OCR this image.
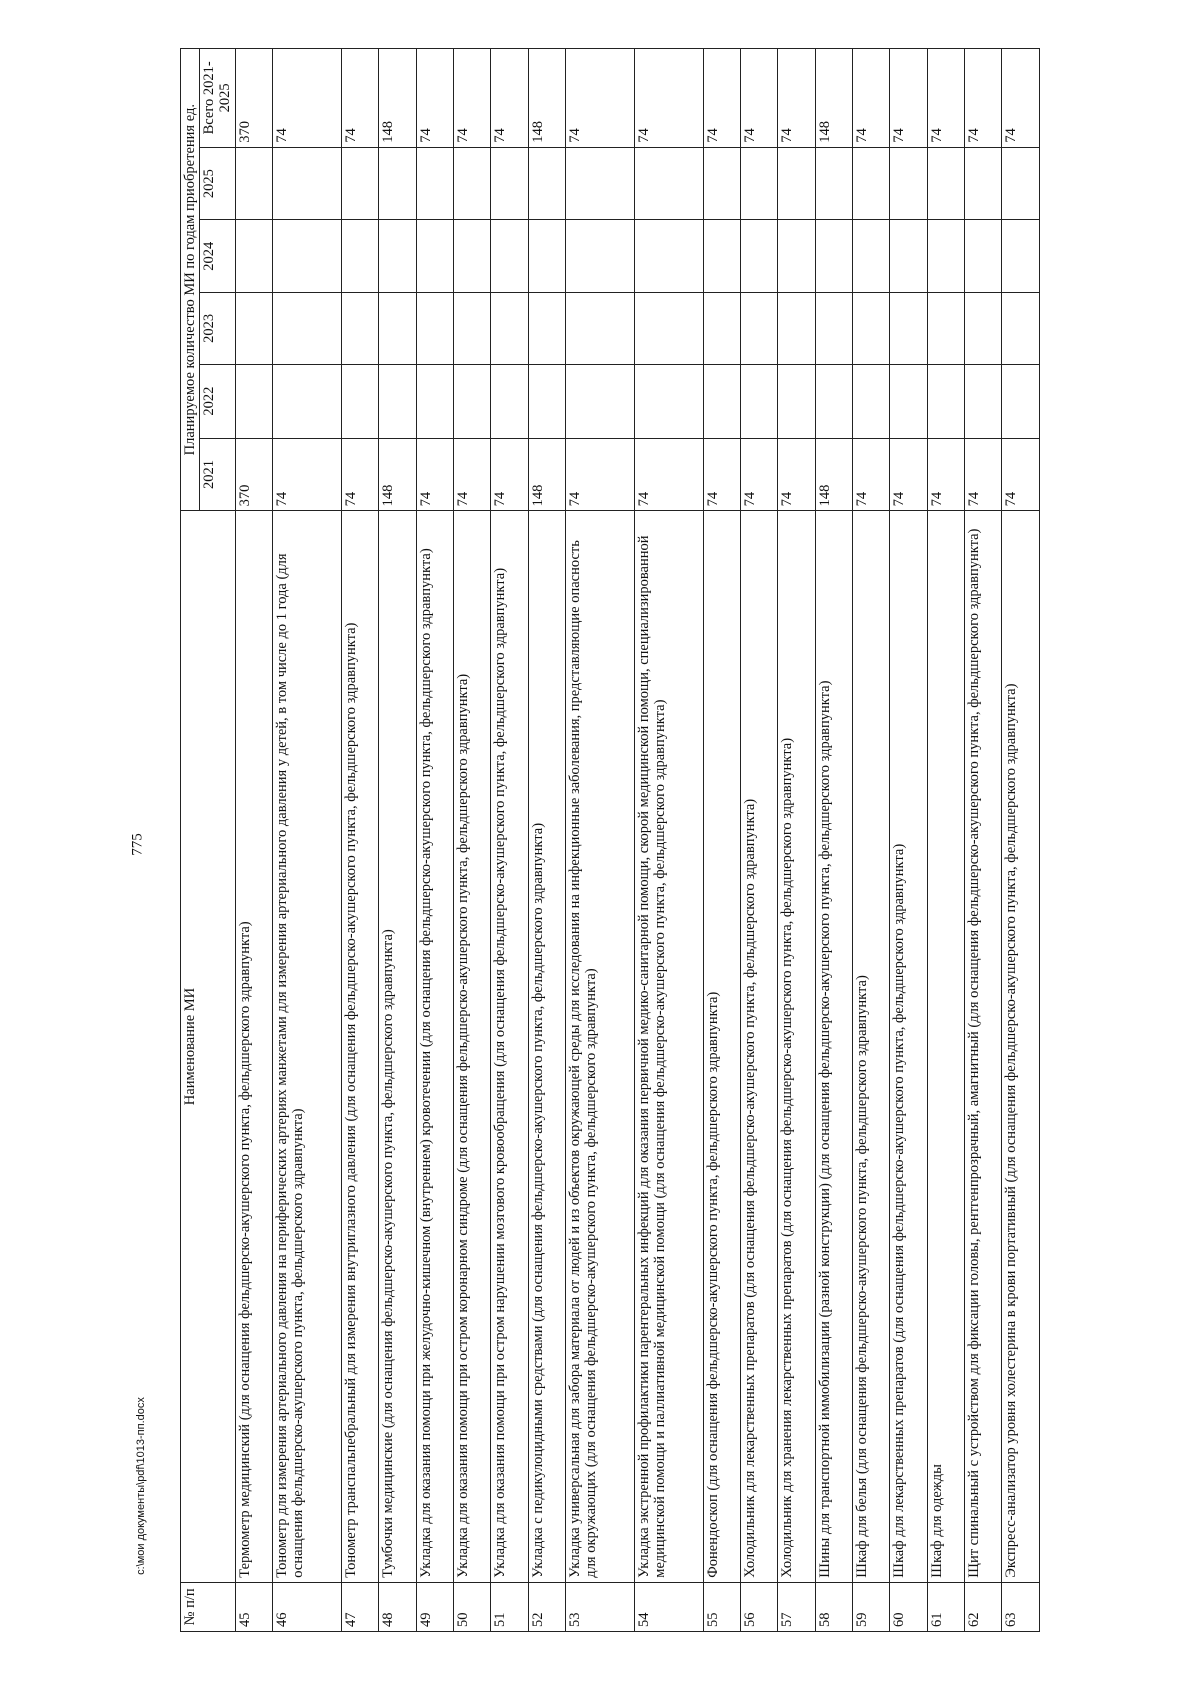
775
№ п/п	Наименование МИ	Планируемое количество МИ по годам приобретения ед.					
		2021	2022	2023	2024	2025	Всего 2021-2025
45	Термометр медицинский (для оснащения фельдшерско-акушерского пункта, фельдшерского здравпункта)	370					370
46	Тонометр для измерения артериального давления на периферических артериях манжетами для измерения артериального давления у детей, в том числе до 1 года (для оснащения фельдшерско-акушерского пункта, фельдшерского здравпункта)	74					74
47	Тонометр транспальпебральный для измерения внутриглазного давления (для оснащения фельдшерско-акушерского пункта, фельдшерского здравпункта)	74					74
48	Тумбочки медицинские (для оснащения фельдшерско-акушерского пункта, фельдшерского здравпункта)	148					148
49	Укладка для оказания помощи при желудочно-кишечном (внутреннем) кровотечении (для оснащения фельдшерско-акушерского пункта, фельдшерского здравпункта)	74					74
50	Укладка для оказания помощи при остром коронарном синдроме (для оснащения фельдшерско-акушерского пункта, фельдшерского здравпункта)	74					74
51	Укладка для оказания помощи при остром нарушении мозгового кровообращения (для оснащения фельдшерско-акушерского пункта, фельдшерского здравпункта)	74					74
52	Укладка с педикулоцидными средствами (для оснащения фельдшерско-акушерского пункта, фельдшерского здравпункта)	148					148
53	Укладка универсальная для забора материала от людей и из объектов окружающей среды для исследования на инфекционные заболевания, представляющие опасность для окружающих (для оснащения фельдшерско-акушерского пункта, фельдшерского здравпункта)	74					74
54	Укладка экстренной профилактики парентеральных инфекций для оказания первичной медико-санитарной помощи, скорой медицинской помощи, специализированной медицинской помощи и паллиативной медицинской помощи (для оснащения фельдшерско-акушерского пункта, фельдшерского здравпункта)	74					74
55	Фонендоскоп (для оснащения фельдшерско-акушерского пункта, фельдшерского здравпункта)	74					74
56	Холодильник для лекарственных препаратов (для оснащения фельдшерско-акушерского пункта, фельдшерского здравпункта)	74					74
57	Холодильник для хранения лекарственных препаратов (для оснащения фельдшерско-акушерского пункта, фельдшерского здравпункта)	74					74
58	Шины для транспортной иммобилизации (разной конструкции) (для оснащения фельдшерско-акушерского пункта, фельдшерского здравпункта)	148					148
59	Шкаф для белья (для оснащения фельдшерско-акушерского пункта, фельдшерского здравпункта)	74					74
60	Шкаф для лекарственных препаратов (для оснащения фельдшерско-акушерского пункта, фельдшерского здравпункта)	74					74
61	Шкаф для одежды	74					74
62	Щит спинальный с устройством для фиксации головы, рентгенпрозрачный, амагнитный (для оснащения фельдшерско-акушерского пункта, фельдшерского здравпункта)	74					74
63	Экспресс-анализатор уровня холестерина в крови портативный (для оснащения фельдшерско-акушерского пункта, фельдшерского здравпункта)	74					74
c:\мои документы\pdf\1013-пп.docx
